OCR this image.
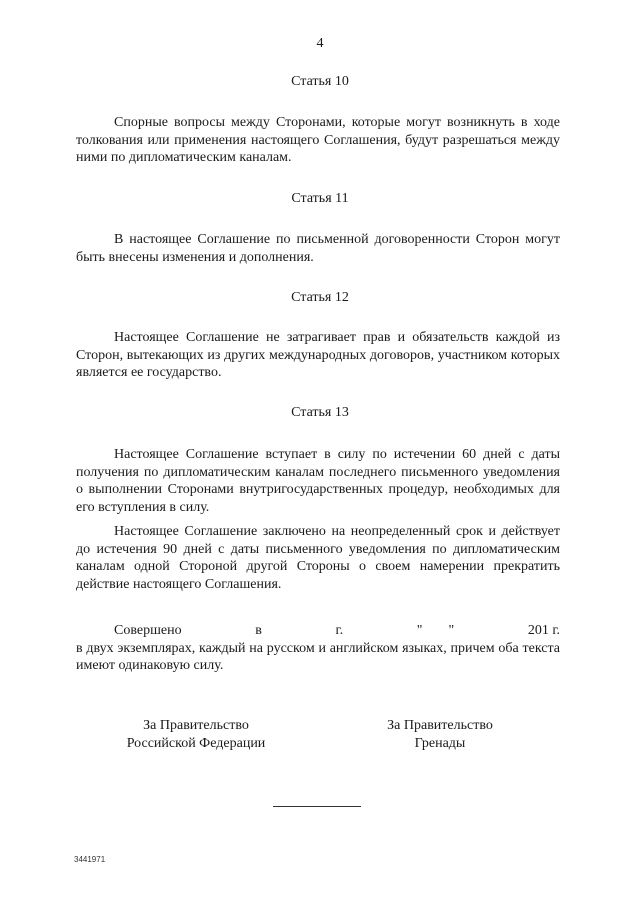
4
Статья 10
Спорные вопросы между Сторонами, которые могут возникнуть в ходе толкования или применения настоящего Соглашения, будут разрешаться между ними по дипломатическим каналам.
Статья 11
В настоящее Соглашение по письменной договоренности Сторон могут быть внесены изменения и дополнения.
Статья 12
Настоящее Соглашение не затрагивает прав и обязательств каждой из Сторон, вытекающих из других международных договоров, участником которых является ее государство.
Статья 13
Настоящее Соглашение вступает в силу по истечении 60 дней с даты получения по дипломатическим каналам последнего письменного уведомления о выполнении Сторонами внутригосударственных процедур, необходимых для его вступления в силу.
Настоящее Соглашение заключено на неопределенный срок и действует до истечения 90 дней с даты письменного уведомления по дипломатическим каналам одной Стороной другой Стороны о своем намерении прекратить действие настоящего Соглашения.
Совершено	в	г.	" "	201 г.
в двух экземплярах, каждый на русском и английском языках, причем оба текста имеют одинаковую силу.
За Правительство
Российской Федерации
За Правительство
Гренады
3441971
